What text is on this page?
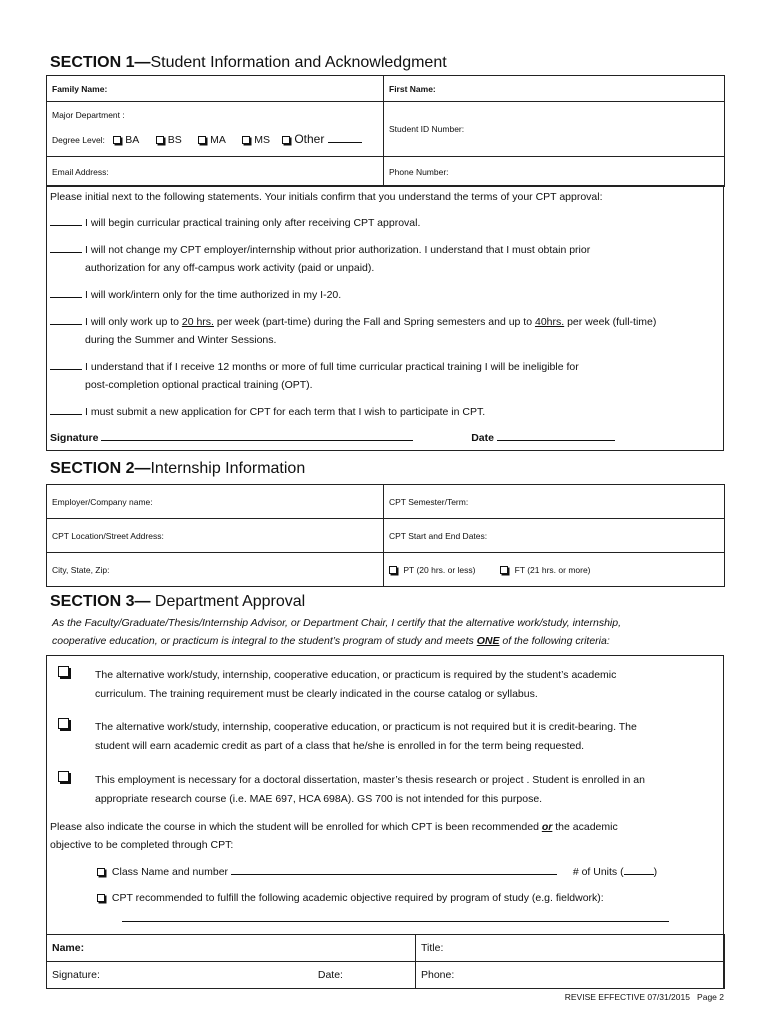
SECTION 1—Student Information and Acknowledgment
Family Name:	First Name:

Major Department :
Degree Level: BA BS MA MS Other	Student ID Number:
Email Address:	Phone Number:
Please initial next to the following statements. Your initials confirm that you understand the terms of your CPT approval:
I will begin curricular practical training only after receiving CPT approval.
I will not change my CPT employer/internship without prior authorization. I understand that I must obtain prior
authorization for any off-campus work activity (paid or unpaid).
I will work/intern only for the time authorized in my I-20.
I will only work up to 20 hrs. per week (part-time) during the Fall and Spring semesters and up to 40hrs. per week (full-time)
during the Summer and Winter Sessions.
I understand that if I receive 12 months or more of full time curricular practical training I will be ineligible for
post-completion optional practical training (OPT).
I must submit a new application for CPT for each term that I wish to participate in CPT.
Signature	Date
SECTION 2—Internship Information
Employer/Company name:	CPT Semester/Term:
CPT Location/Street Address:	CPT Start and End Dates:
City, State, Zip:	PT (20 hrs. or less) FT (21 hrs. or more)
SECTION 3— Department Approval
As the Faculty/Graduate/Thesis/Internship Advisor, or Department Chair, I certify that the alternative work/study, internship,
cooperative education, or practicum is integral to the student’s program of study and meets ONE of the following criteria:
The alternative work/study, internship, cooperative education, or practicum is required by the student’s academic
curriculum. The training requirement must be clearly indicated in the course catalog or syllabus.
The alternative work/study, internship, cooperative education, or practicum is not required but it is credit-bearing. The
student will earn academic credit as part of a class that he/she is enrolled in for the term being requested.
This employment is necessary for a doctoral dissertation, master’s thesis research or project . Student is enrolled in an
appropriate research course (i.e. MAE 697, HCA 698A). GS 700 is not intended for this purpose.
Please also indicate the course in which the student will be enrolled for which CPT is been recommended or the academic
objective to be completed through CPT:
Class Name and number	# of Units (	)
CPT recommended to fulfill the following academic objective required by program of study (e.g. fieldwork):
Name:	Title:
Signature: Date:	Phone:
REVISE EFFECTIVE 07/31/2015 Page 2
